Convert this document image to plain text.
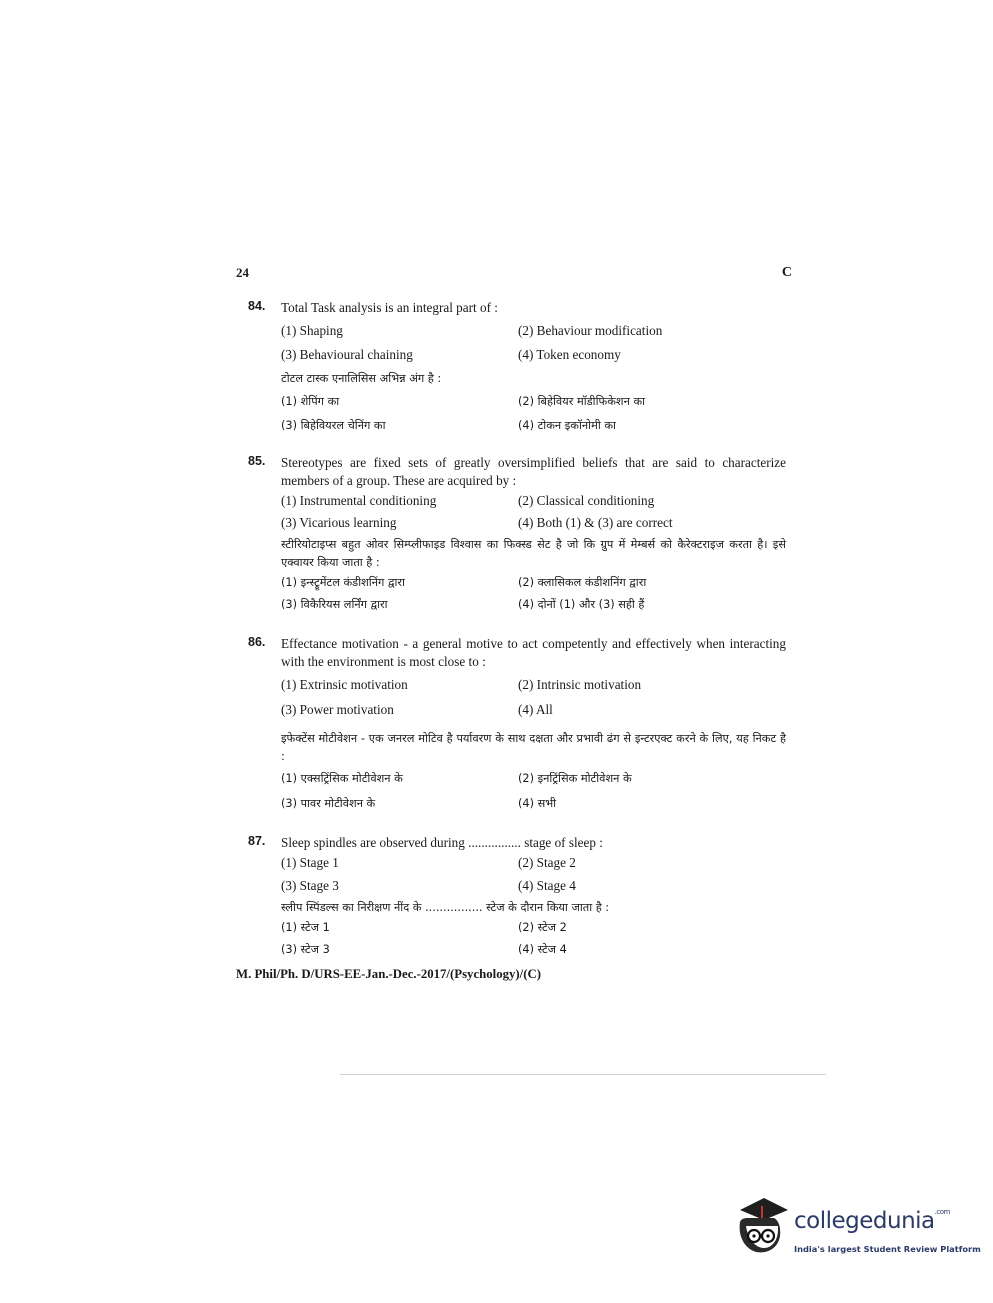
24	C
84. Total Task analysis is an integral part of :
(1) Shaping	(2) Behaviour modification
(3) Behavioural chaining	(4) Token economy
टोटल टास्क एनालिसिस अभिन्न अंग है :
(1) शेपिंग का	(2) बिहेवियर मॉडीफिकेशन का
(3) बिहेवियरल चेनिंग का	(4) टोकन इकॉनोमी का
85. Stereotypes are fixed sets of greatly oversimplified beliefs that are said to characterize members of a group. These are acquired by :
(1) Instrumental conditioning	(2) Classical conditioning
(3) Vicarious learning	(4) Both (1) & (3) are correct
स्टीरियोटाइप्स बहुत ओवर सिम्प्लीफाइड विश्वास का फिक्स्ड सेट है जो कि ग्रुप में मेम्बर्स को कैरेक्टराइज करता है। इसे एक्वायर किया जाता है :
(1) इन्स्ट्रूमेंटल कंडीशनिंग द्वारा	(2) क्लासिकल कंडीशनिंग द्वारा
(3) विकैरियस लर्निंग द्वारा	(4) दोनों (1) और (3) सही हैं
86. Effectance motivation - a general motive to act competently and effectively when interacting with the environment is most close to :
(1) Extrinsic motivation	(2) Intrinsic motivation
(3) Power motivation	(4) All
इफेक्टेंस मोटीवेशन - एक जनरल मोटिव है पर्यावरण के साथ दक्षता और प्रभावी ढंग से इन्टरएक्ट करने के लिए, यह निकट है :
(1) एक्सट्रिंसिक मोटीवेशन के	(2) इनट्रिंसिक मोटीवेशन के
(3) पावर मोटीवेशन के	(4) सभी
87. Sleep spindles are observed during ................ stage of sleep :
(1) Stage 1	(2) Stage 2
(3) Stage 3	(4) Stage 4
स्लीप स्पिंडल्स का निरीक्षण नींद के ................ स्टेज के दौरान किया जाता है :
(1) स्टेज 1	(2) स्टेज 2
(3) स्टेज 3	(4) स्टेज 4
M. Phil/Ph. D/URS-EE-Jan.-Dec.-2017/(Psychology)/(C)
collegedunia$^{.com}$
India's largest Student Review Platform
